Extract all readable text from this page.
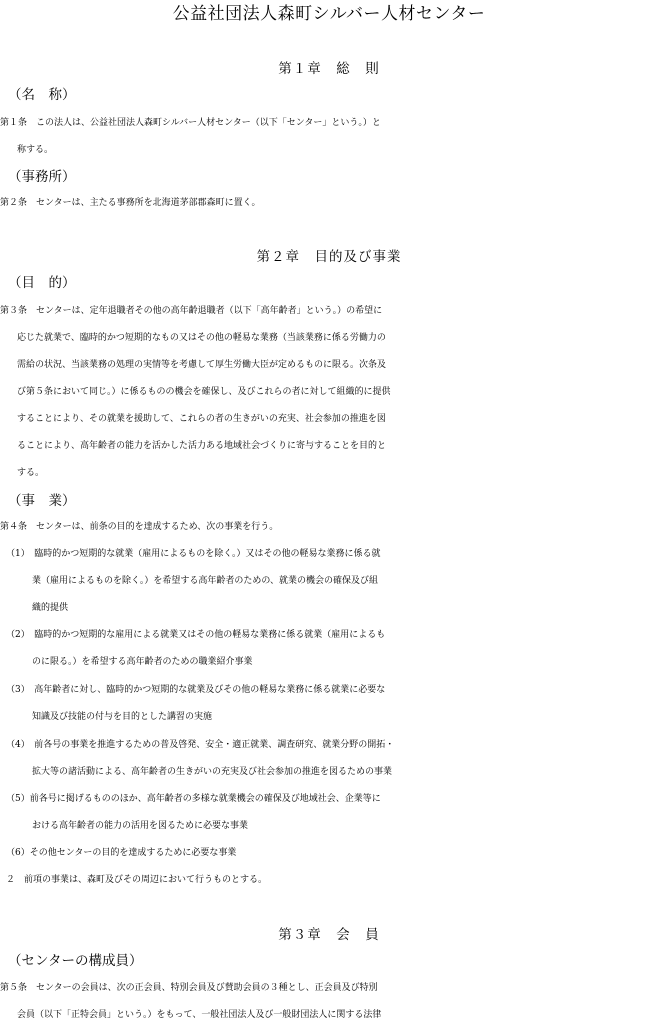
公益社団法人森町シルバー人材センター
第１章　総　則
（名　称）
第１条　この法人は、公益社団法人森町シルバー人材センター（以下「センター」という。）と
称する。
（事務所）
第２条　センターは、主たる事務所を北海道茅部郡森町に置く。
第２章　目的及び事業
（目　的）
第３条　センターは、定年退職者その他の高年齢退職者（以下「高年齢者」という。）の希望に
応じた就業で、臨時的かつ短期的なもの又はその他の軽易な業務（当該業務に係る労働力の
需給の状況、当該業務の処理の実情等を考慮して厚生労働大臣が定めるものに限る。次条及
び第５条において同じ。）に係るものの機会を確保し、及びこれらの者に対して組織的に提供
することにより、その就業を援助して、これらの者の生きがいの充実、社会参加の推進を図
ることにより、高年齢者の能力を活かした活力ある地域社会づくりに寄与することを目的と
する。
（事　業）
第４条　センターは、前条の目的を達成するため、次の事業を行う。
（1）　臨時的かつ短期的な就業（雇用によるものを除く。）又はその他の軽易な業務に係る就
業（雇用によるものを除く。）を希望する高年齢者のための、就業の機会の確保及び組
織的提供
（2）　臨時的かつ短期的な雇用による就業又はその他の軽易な業務に係る就業（雇用によるも
のに限る。）を希望する高年齢者のための職業紹介事業
（3）　高年齢者に対し、臨時的かつ短期的な就業及びその他の軽易な業務に係る就業に必要な
知識及び技能の付与を目的とした講習の実施
（4）　前各号の事業を推進するための普及啓発、安全・適正就業、調査研究、就業分野の開拓・
拡大等の諸活動による、高年齢者の生きがいの充実及び社会参加の推進を図るための事業
（5）前各号に掲げるもののほか、高年齢者の多様な就業機会の確保及び地域社会、企業等に
おける高年齢者の能力の活用を図るために必要な事業
（6）その他センターの目的を達成するために必要な事業
２　前項の事業は、森町及びその周辺において行うものとする。
第３章　会　員
（センターの構成員）
第５条　センターの会員は、次の正会員、特別会員及び賛助会員の３種とし、正会員及び特別
会員（以下「正特会員」という。）をもって、一般社団法人及び一般財団法人に関する法律
